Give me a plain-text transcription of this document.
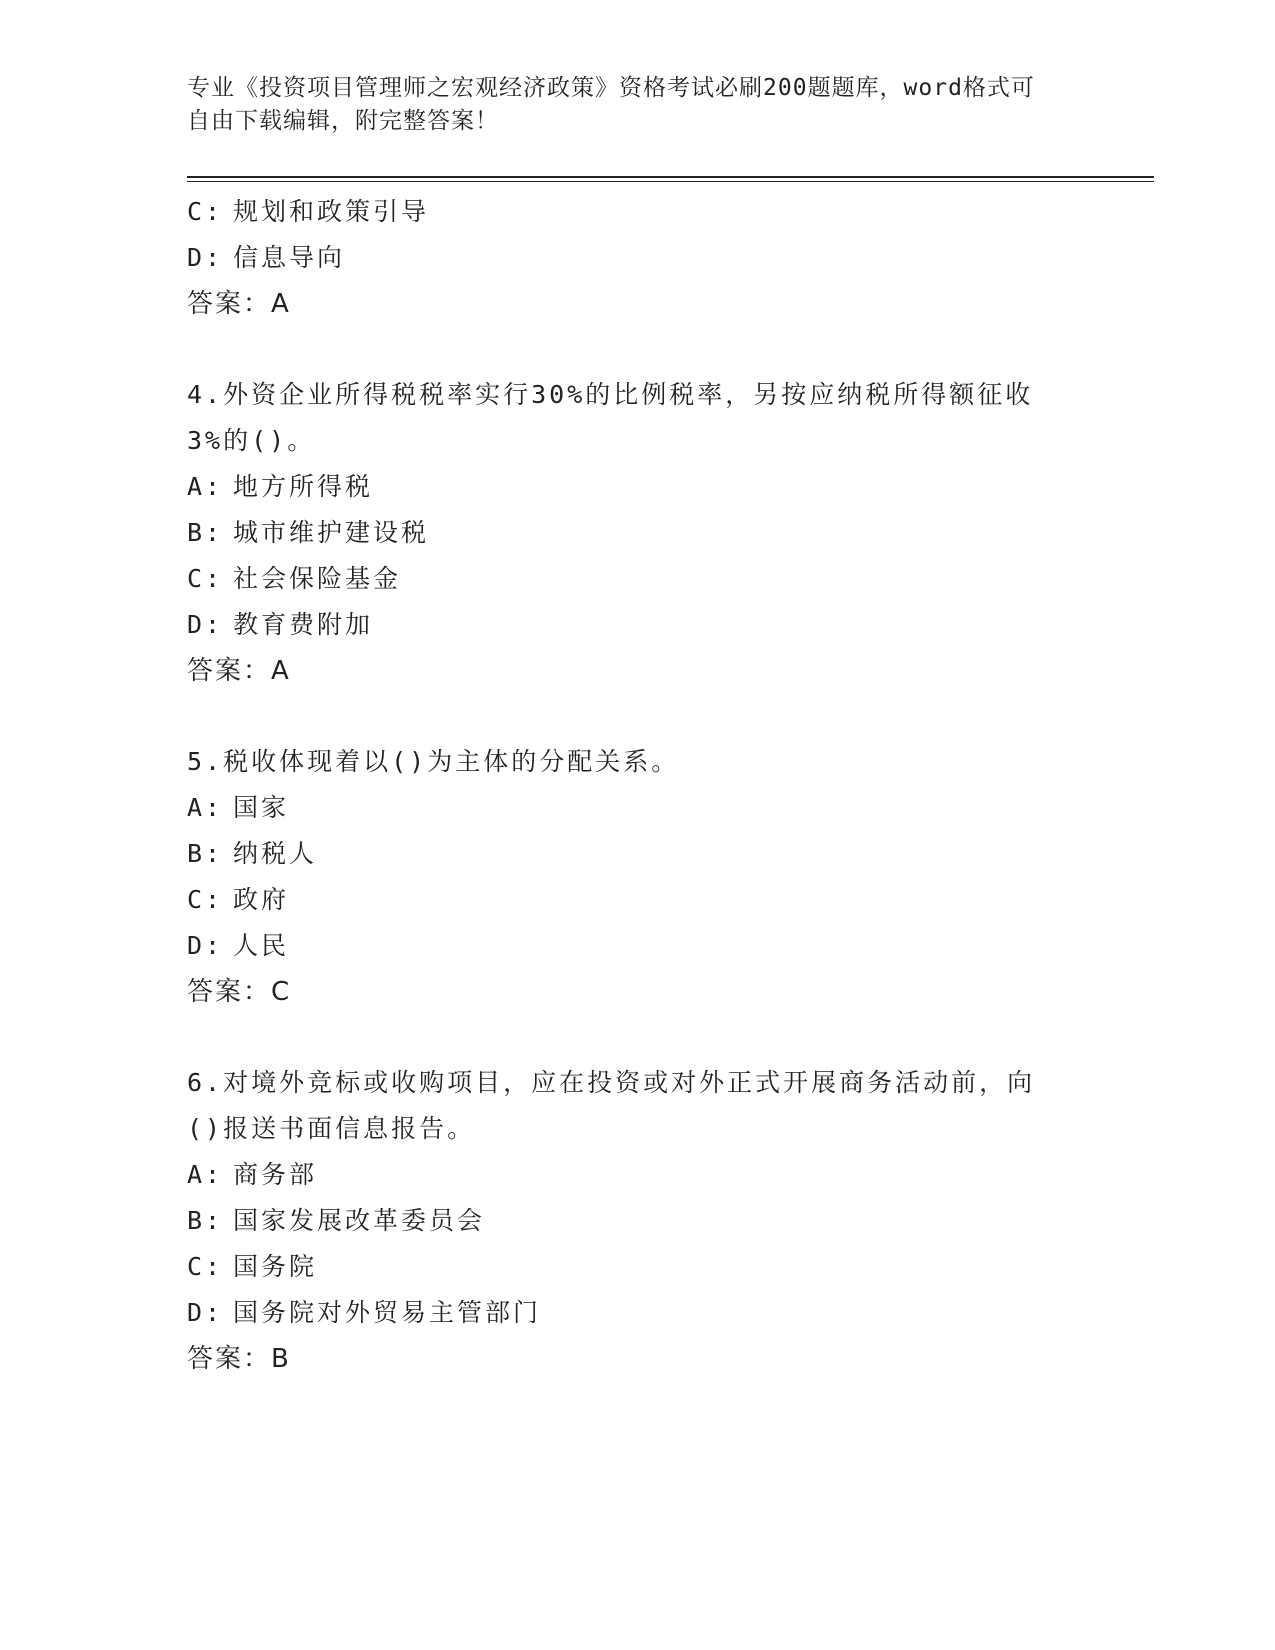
专业《投资项目管理师之宏观经济政策》资格考试必刷200题题库，word格式可
自由下载编辑，附完整答案！
C: 规划和政策引导
D: 信息导向
答案：A
4.外资企业所得税税率实行30%的比例税率，另按应纳税所得额征收
3%的()。
A: 地方所得税
B: 城市维护建设税
C: 社会保险基金
D: 教育费附加
答案：A
5.税收体现着以()为主体的分配关系。
A: 国家
B: 纳税人
C: 政府
D: 人民
答案：C
6.对境外竞标或收购项目，应在投资或对外正式开展商务活动前，向
()报送书面信息报告。
A: 商务部
B: 国家发展改革委员会
C: 国务院
D: 国务院对外贸易主管部门
答案：B
